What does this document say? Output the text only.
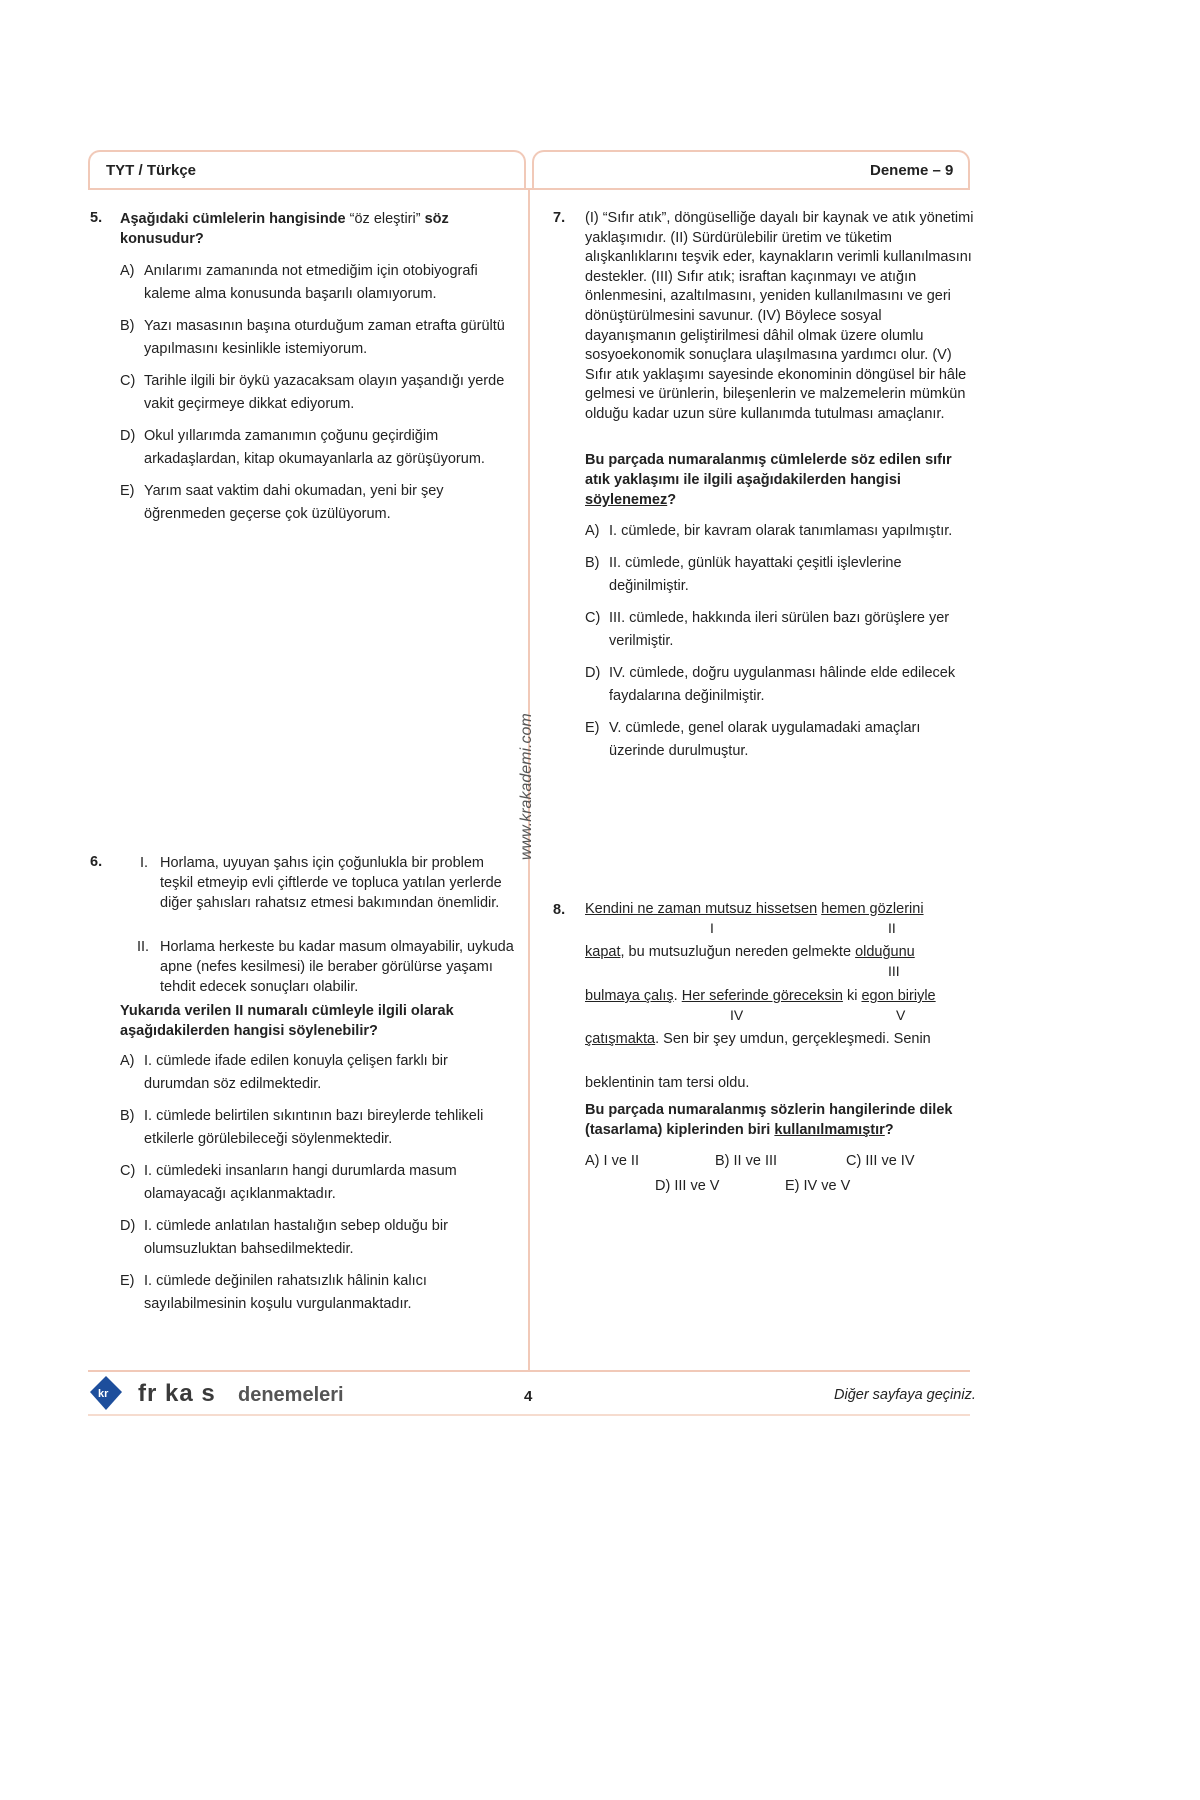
TYT / Türkçe	Deneme – 9
www.krakademi.com
5. Aşağıdaki cümlelerin hangisinde “öz eleştiri” söz
konusudur?
A) Anılarımı zamanında not etmediğim için otobiyografi kaleme alma konusunda başarılı olamıyorum.
B) Yazı masasının başına oturduğum zaman etrafta gürültü yapılmasını kesinlikle istemiyorum.
C) Tarihle ilgili bir öykü yazacaksam olayın yaşandığı yerde vakit geçirmeye dikkat ediyorum.
D) Okul yıllarımda zamanımın çoğunu geçirdiğim arkadaşlardan, kitap okumayanlarla az görüşüyorum.
E) Yarım saat vaktim dahi okumadan, yeni bir şey öğrenmeden geçerse çok üzülüyorum.
6.	I. Horlama, uyuyan şahıs için çoğunlukla bir problem teşkil etmeyip evli çiftlerde ve topluca yatılan yerlerde diğer şahısları rahatsız etmesi bakımından önemlidir.
II. Horlama herkeste bu kadar masum olmayabilir, uykuda apne (nefes kesilmesi) ile beraber görülürse yaşamı tehdit edecek sonuçları olabilir.
Yukarıda verilen II numaralı cümleyle ilgili olarak aşağıdakilerden hangisi söylenebilir?
A) I. cümlede ifade edilen konuyla çelişen farklı bir durumdan söz edilmektedir.
B) I. cümlede belirtilen sıkıntının bazı bireylerde tehlikeli etkilerle görülebileceği söylenmektedir.
C) I. cümledeki insanların hangi durumlarda masum olamayacağı açıklanmaktadır.
D) I. cümlede anlatılan hastalığın sebep olduğu bir olumsuzluktan bahsedilmektedir.
E) I. cümlede değinilen rahatsızlık hâlinin kalıcı sayılabilmesinin koşulu vurgulanmaktadır.
7. (I) “Sıfır atık”, döngüselliğe dayalı bir kaynak ve atık yönetimi yaklaşımıdır. (II) Sürdürülebilir üretim ve tüketim alışkanlıklarını teşvik eder, kaynakların verimli kullanılmasını destekler. (III) Sıfır atık; israftan kaçınmayı ve atığın önlenmesini, azaltılmasını, yeniden kullanılmasını ve geri dönüştürülmesini savunur. (IV) Böylece sosyal dayanışmanın geliştirilmesi dâhil olmak üzere olumlu sosyoekonomik sonuçlara ulaşılmasına yardımcı olur. (V) Sıfır atık yaklaşımı sayesinde ekonominin döngüsel bir hâle gelmesi ve ürünlerin, bileşenlerin ve malzemelerin mümkün olduğu kadar uzun süre kullanımda tutulması amaçlanır.
Bu parçada numaralanmış cümlelerde söz edilen sıfır atık yaklaşımı ile ilgili aşağıdakilerden hangisi söylenemez?
A) I. cümlede, bir kavram olarak tanımlaması yapılmıştır.
B) II. cümlede, günlük hayattaki çeşitli işlevlerine değinilmiştir.
C) III. cümlede, hakkında ileri sürülen bazı görüşlere yer verilmiştir.
D) IV. cümlede, doğru uygulanması hâlinde elde edilecek faydalarına değinilmiştir.
E) V. cümlede, genel olarak uygulamadaki amaçları üzerinde durulmuştur.
8. Kendini ne zaman mutsuz hissetsen hemen gözlerini
I	II
kapat, bu mutsuzluğun nereden gelmekte olduğunu
III
bulmaya çalış. Her seferinde göreceksin ki egon biriyle
IV	V
çatışmakta. Sen bir şey umdun, gerçekleşmedi. Senin
beklentinin tam tersi oldu.
Bu parçada numaralanmış sözlerin hangilerinde dilek (tasarlama) kiplerinden biri kullanılmamıştır?
A) I ve II	B) II ve III	C) III ve IV
D) III ve V	E) IV ve V
kr fr ka s denemeleri	4	Diğer sayfaya geçiniz.
